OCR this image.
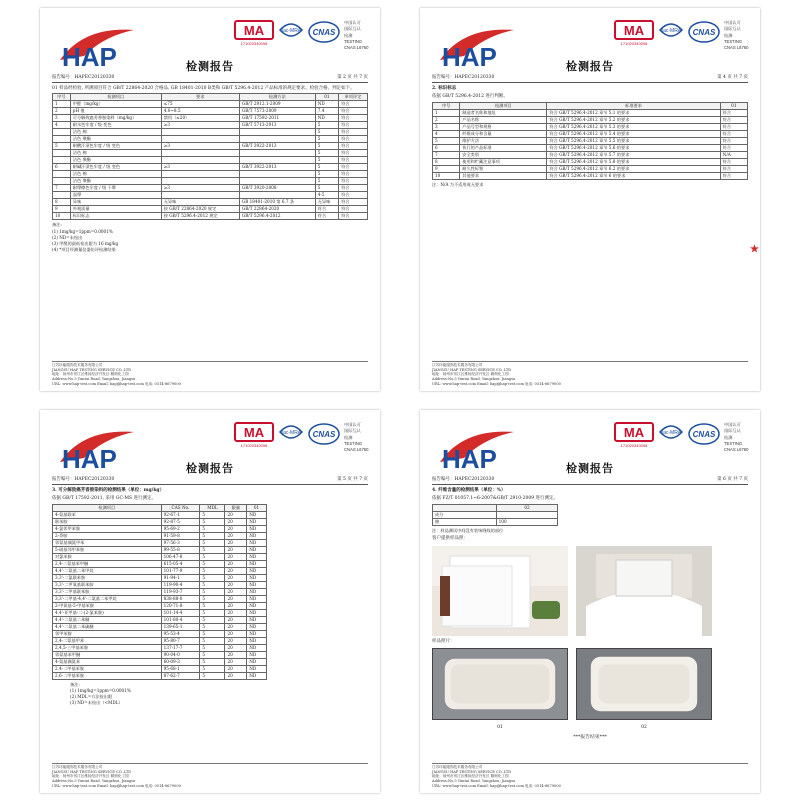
HAP
MA
171020340098
ilac-MRA CNAS
中国认可
国际互认
检测
TESTING
CNAS L6760
检测报告
报告编号：HAPEC20120330	第 2 页 共 7 页

01 样品经检验, 所测项目符合 GB/T 22864-2020 合格品, GB 18401-2010 B类和 GB/T 5296.4-2012 产品标准的规定要求。检验合格。判定如下。

序号	检测项目	要求	检测方法	01	单项评定
1	甲醛（mg/kg）	≤75	GB/T 2912.1-2009	ND	符合
2	pH 值	4.0~8.5	GB/T 7573-2009	7.4	符合
3	可分解致癌芳香胺染料（mg/kg）	禁用（≤20）	GB/T 17592-2011	ND	符合
4	耐水色牢度 / 级 变色	≥3	GB/T 5713-2013	5	符合
	沾色 棉			5	符合
	沾色 聚酯			5	符合
5	耐酸汗渍色牢度 / 级 变色	≥3	GB/T 3922-2013	5	符合
	沾色 棉			5	符合
	沾色 聚酯			5	符合
6	耐碱汗渍色牢度 / 级 变色	≥3	GB/T 3922-2013	5	符合
	沾色 棉			5	符合
	沾色 聚酯			5	符合
7	耐摩擦色牢度 / 级 干摩	≥3	GB/T 3920-2008	5	符合
	湿摩			4-5	符合
8	异味	无异味	GB 18401-2010 第 6.7 条	无异味	符合
9	外观质量	按 GB/T 22864-2020 规定	GB/T 22864-2020	符合	符合
10	标识标志	按 GB/T 5296.4-2012 规定	GB/T 5296.4-2012	符合	符合
备注:
(1) 1mg/kg=1ppm=0.0001%
(2) ND=未检出
(3) 甲醛的最低检出限为 16 mg/kg
(4) *项目经测量仪器仿评检测结果
江苏环能服饰技术服务有限公司
JIANGSU HAP TESTING SERVICE CO.,LTD
地址：扬州市邗江区维扬经济开发区 精细化工园
Address:No.5 Yuntai Road, Yangzhou, Jiangsu
URL: www.hap-test.com Email: hap@hap-test.com 电话: 0514-8679000
HAP
MA
171020340098
ilac-MRA CNAS
中国认可
国际互认
检测
TESTING
CNAS L6760
检测报告
报告编号：HAPEC20120330	第 4 页 共 7 页

2. 标识标志

依据 GB/T 5296.4-2012 进行判断。

序号	检测项目	标准要求	01
1	制造者名称和地址	符合 GB/T 5296.4-2012 章节 5.1 的要求	符合
2	产品名称	符合 GB/T 5296.4-2012 章节 5.2 的要求	符合
3	产品号型和规格	符合 GB/T 5296.4-2012 章节 5.3 的要求	符合
4	纤维成分和含量	符合 GB/T 5296.4-2012 章节 5.4 的要求	符合
5	维护方法	符合 GB/T 5296.4-2012 章节 5.5 的要求	符合
6	执行的产品标准	符合 GB/T 5296.4-2012 章节 5.6 的要求	符合
7	安全类别	符合 GB/T 5296.4-2012 章节 5.7 的要求	N/A
8	使用和贮藏注意事项	符合 GB/T 5296.4-2012 章节 5.8 的要求	符合
9	耐久性标签	符合 GB/T 5296.4-2012 章节 6.2 的要求	符合
10	其他要求	符合 GB/T 5296.4-2012 章节 6 的要求	符合
注：N/A 为不适用或无要求
★
江苏环能服饰技术服务有限公司
JIANGSU HAP TESTING SERVICE CO.,LTD
地址：扬州市邗江区维扬经济开发区 精细化工园
Address:No.5 Yuntai Road, Yangzhou, Jiangsu
URL: www.hap-test.com Email: hap@hap-test.com 电话: 0514-8679000
HAP
MA
171020340098
ilac-MRA CNAS
中国认可
国际互认
检测
TESTING
CNAS L6760
检测报告
报告编号：HAPEC20120330	第 5 页 共 7 页

3. 可分解致癌芳香胺染料的检测结果（单位：mg/kg）

依据 GB/T 17592-2011, 采用 GC-MS 进行测定。

检测项目	CAS No.	MDL	限量	01
4-氨基联苯	92-67-1	5	20	ND
联苯胺	92-87-5	5	20	ND
4-氯邻甲苯胺	95-69-2	5	20	ND
2-萘胺	91-59-8	5	20	ND
邻氨基偶氮甲苯	97-56-3	5	20	ND
5-硝基邻甲苯胺	99-55-8	5	20	ND
对氯苯胺	106-47-8	5	20	ND
2,4-二氨基苯甲醚	615-05-4	5	20	ND
4,4'-二氨基二苯甲烷	101-77-9	5	20	ND
3,3'-二氯联苯胺	91-94-1	5	20	ND
3,3'-二甲氧基联苯胺	119-90-4	5	20	ND
3,3'-二甲基联苯胺	119-93-7	5	20	ND
3,3'-二甲基-4,4'-二氨基二苯甲烷	838-88-0	5	20	ND
2-甲氧基-5-甲基苯胺	120-71-8	5	20	ND
4,4'-亚甲基-二-(2-氯苯胺)	101-14-4	5	20	ND
4,4'-二氨基二苯醚	101-80-4	5	20	ND
4,4'-二氨基二苯硫醚	139-65-1	5	20	ND
邻甲苯胺	95-53-4	5	20	ND
2,4-二氨基甲苯	95-80-7	5	20	ND
2,4,5-三甲基苯胺	137-17-7	5	20	ND
邻氨基苯甲醚	90-04-0	5	20	ND
4-氨基偶氮苯	60-09-3	5	20	ND
2,4-二甲基苯胺	95-68-1	5	20	ND
2,6-二甲基苯胺	87-62-7	5	20	ND
备注:
(1) 1mg/kg=1ppm=0.0001%
(2) MDL=方法检出限
(3) ND=未检出（<MDL）
江苏环能服饰技术服务有限公司
JIANGSU HAP TESTING SERVICE CO.,LTD
地址：扬州市邗江区维扬经济开发区 精细化工园
Address:No.5 Yuntai Road, Yangzhou, Jiangsu
URL: www.hap-test.com Email: hap@hap-test.com 电话: 0514-8679000
HAP
MA
171020340098
ilac-MRA CNAS
中国认可
国际互认
检测
TESTING
CNAS L6760
检测报告
报告编号：HAPEC20120330	第 6 页 共 7 页

4. 纤维含量的检测结果（单位：%）

依据 FZ/T 01057.1~6-2007&GB/T 2910-2009 进行测定。

	02
成分	
棉	100
注：样品测试中间没有装饰缝线的部位

客户提供样品照：

样品照片：

01	02
***报告结束***
江苏环能服饰技术服务有限公司
JIANGSU HAP TESTING SERVICE CO.,LTD
地址：扬州市邗江区维扬经济开发区 精细化工园
Address:No.5 Yuntai Road, Yangzhou, Jiangsu
URL: www.hap-test.com Email: hap@hap-test.com 电话: 0514-8679000
